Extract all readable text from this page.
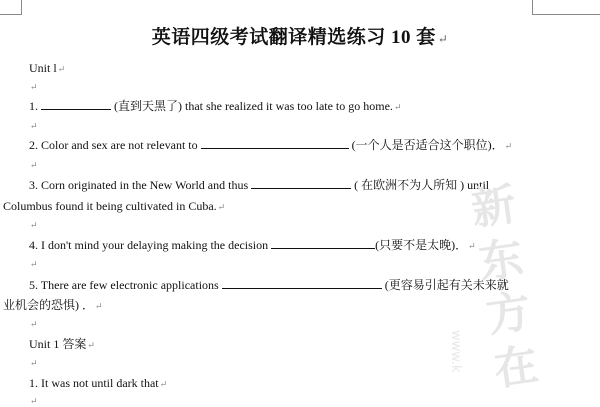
英语四级考试翻译精选练习 10 套 ↵
Unit l↵
↵
1.	(直到天黑了) that she realized it was too late to go home.↵
↵
2. Color and sex are not relevant to	(一个人是否适合这个职位)．↵
↵
3. Corn originated in the New World and thus	( 在欧洲不为人所知 ) until
Columbus found it being cultivated in Cuba.↵
↵
4. I don't mind your delaying making the decision	(只要不是太晚)．↵
↵
5. There are few electronic applications	(更容易引起有关未来就
业机会的恐惧) ．↵
↵
Unit 1 答案↵
↵
1. It was not until dark that↵
↵
新
东
方
在
www.k
